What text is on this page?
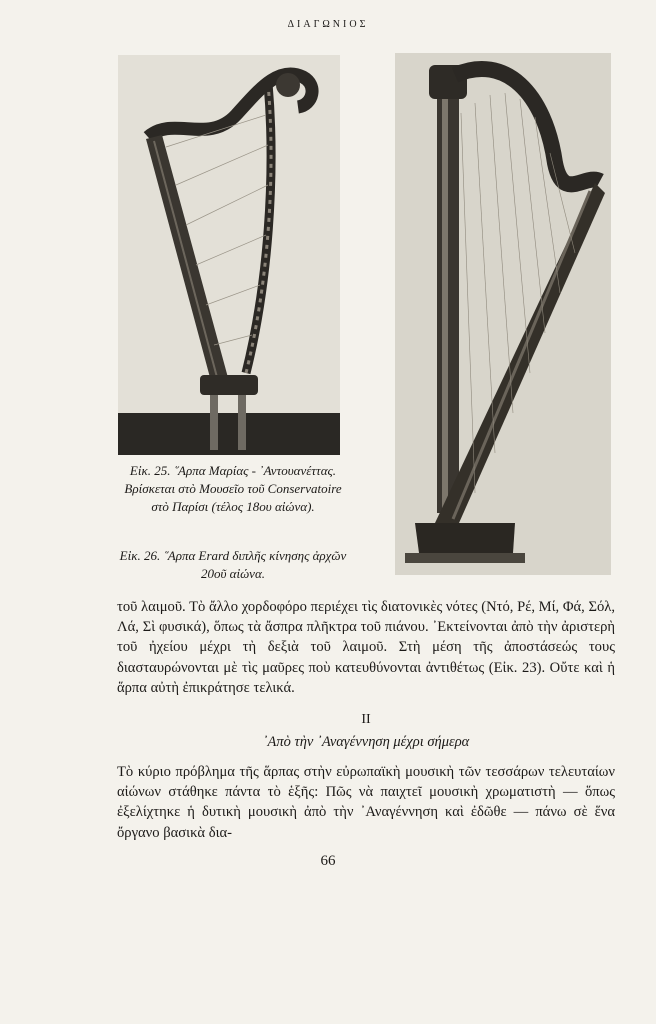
ΔΙΑΓΩΝΙΟΣ
Εἰκ. 25. ῞Αρπα Μαρίας - ᾿Αντουανέττας. Βρίσκεται στὸ Μουσεῖο τοῦ Conservatoire στὸ Παρίσι (τέλος 18ου αἰώνα).
Εἰκ. 26. ῞Αρπα Erard διπλῆς κίνησης ἀρχῶν 20οῦ αἰώνα.
τοῦ λαιμοῦ. Τὸ ἄλλο χορδοφόρο περιέχει τὶς διατονικὲς νότες (Ντό, Ρέ, Μί, Φά, Σόλ, Λά, Σὶ φυσικά), ὅπως τὰ ἄσπρα πλῆκτρα τοῦ πιάνου. ᾿Εκτείνονται ἀπὸ τὴν ἀριστερὴ τοῦ ἠχείου μέχρι τὴ δεξιὰ τοῦ λαιμοῦ. Στὴ μέση τῆς ἀποστάσεώς τους διασταυρώνονται μὲ τὶς μαῦρες ποὺ κατευθύνονται ἀντιθέτως (Εἰκ. 23). Οὔτε καὶ ἡ ἅρπα αὐτὴ ἐπικράτησε τελικά.
II
᾿Απὸ τὴν ᾿Αναγέννηση μέχρι σήμερα
Τὸ κύριο πρόβλημα τῆς ἅρπας στὴν εὐρωπαϊκὴ μουσικὴ τῶν τεσσάρων τελευταίων αἰώνων στάθηκε πάντα τὸ ἑξῆς: Πῶς νὰ παιχτεῖ μουσικὴ χρωματιστὴ — ὅπως ἐξελίχτηκε ἡ δυτικὴ μουσικὴ ἀπὸ τὴν ᾿Αναγέννηση καὶ ἐδῶθε — πάνω σὲ ἕνα ὄργανο βασικὰ δια-
66
